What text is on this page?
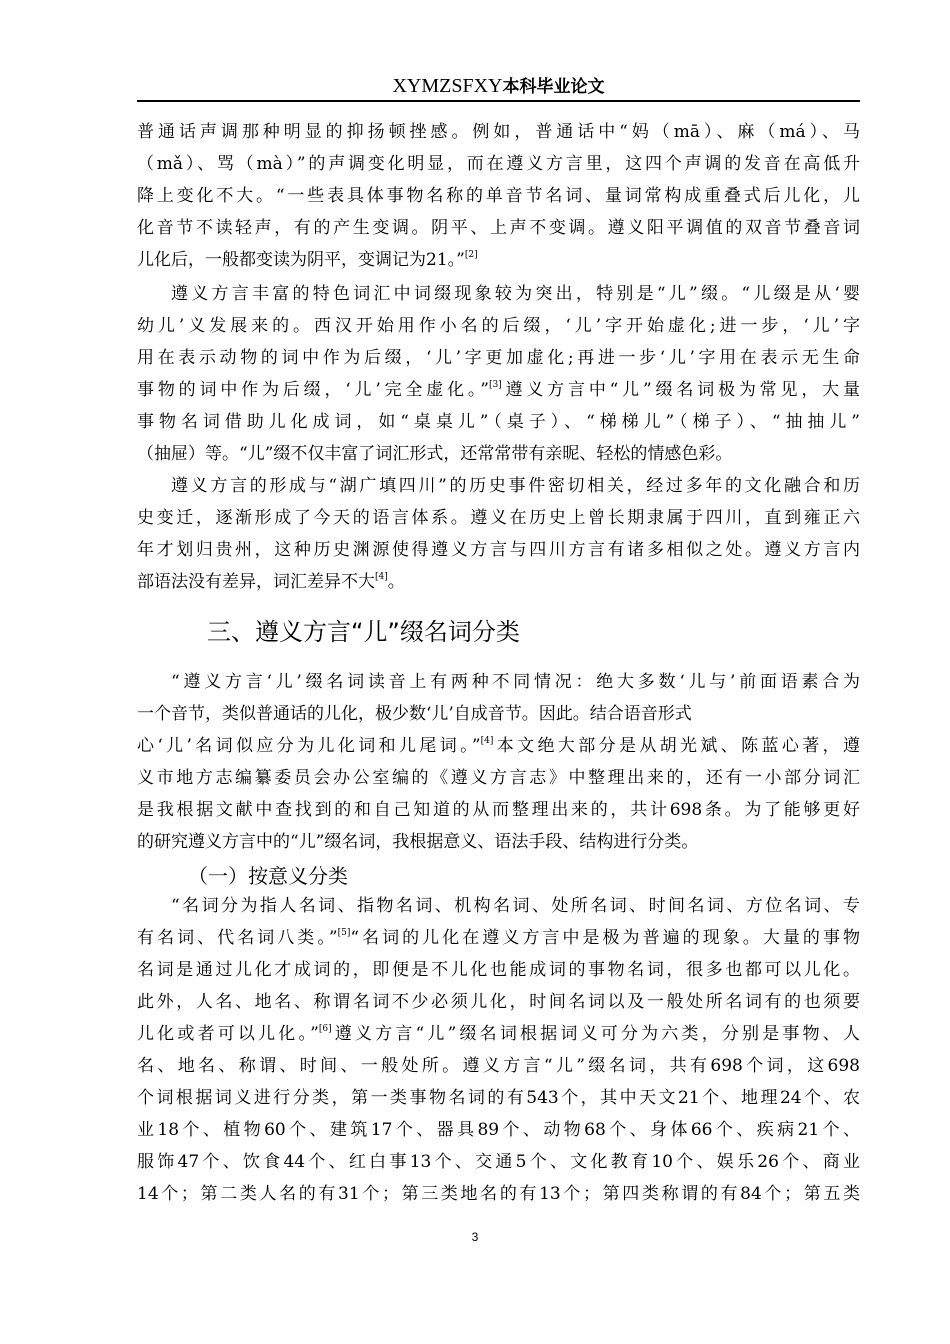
XYMZSFXY本科毕业论文
普通话声调那种明显的抑扬顿挫感。例如，普通话中“妈（mā）、麻（má）、马
（mǎ）、骂（mà）”的声调变化明显，而在遵义方言里，这四个声调的发音在高低升
降上变化不大。“一些表具体事物名称的单音节名词、量词常构成重叠式后儿化，儿
化音节不读轻声，有的产生变调。阴平、上声不变调。遵义阳平调值的双音节叠音词
儿化后，一般都变读为阴平，变调记为21。”[2]
遵义方言丰富的特色词汇中词缀现象较为突出，特别是“儿”缀。“儿缀是从‘婴
幼儿’义发展来的。西汉开始用作小名的后缀，‘儿’字开始虚化;进一步，‘儿’字
用在表示动物的词中作为后缀，‘儿’字更加虚化;再进一步‘儿’字用在表示无生命
事物的词中作为后缀，‘儿’完全虚化。”[3]遵义方言中“儿”缀名词极为常见，大量
事物名词借助儿化成词，如“桌桌儿”（桌子）、“梯梯儿”（梯子）、“抽抽儿”
（抽屉）等。“儿”缀不仅丰富了词汇形式，还常常带有亲昵、轻松的情感色彩。
遵义方言的形成与“湖广填四川”的历史事件密切相关，经过多年的文化融合和历
史变迁，逐渐形成了今天的语言体系。遵义在历史上曾长期隶属于四川，直到雍正六
年才划归贵州，这种历史渊源使得遵义方言与四川方言有诸多相似之处。遵义方言内
部语法没有差异，词汇差异不大[4]。
三、遵义方言“儿”缀名词分类
“遵义方言‘儿’缀名词读音上有两种不同情况：绝大多数‘儿与’前面语素合为
一个音节，类似普通话的儿化，极少数‘儿’自成音节。因此。结合语音形式
心‘儿’名词似应分为儿化词和儿尾词。”[4]本文绝大部分是从胡光斌、陈蓝心著，遵
义市地方志编纂委员会办公室编的《遵义方言志》中整理出来的，还有一小部分词汇
是我根据文献中查找到的和自己知道的从而整理出来的，共计698条。为了能够更好
的研究遵义方言中的“儿”缀名词，我根据意义、语法手段、结构进行分类。
（一）按意义分类
“名词分为指人名词、指物名词、机构名词、处所名词、时间名词、方位名词、专
有名词、代名词八类。”[5]“名词的儿化在遵义方言中是极为普遍的现象。大量的事物
名词是通过儿化才成词的，即便是不儿化也能成词的事物名词，很多也都可以儿化。
此外，人名、地名、称谓名词不少必须儿化，时间名词以及一般处所名词有的也须要
儿化或者可以儿化。”[6]遵义方言“儿”缀名词根据词义可分为六类，分别是事物、人
名、地名、称谓、时间、一般处所。遵义方言“儿”缀名词，共有698个词，这698
个词根据词义进行分类，第一类事物名词的有543个，其中天文21个、地理24个、农
业18个、植物60个、建筑17个、器具89个、动物68个、身体66个、疾病21个、
服饰47个、饮食44个、红白事13个、交通5个、文化教育10个、娱乐26个、商业
14个；第二类人名的有31个；第三类地名的有13个；第四类称谓的有84个；第五类
3
